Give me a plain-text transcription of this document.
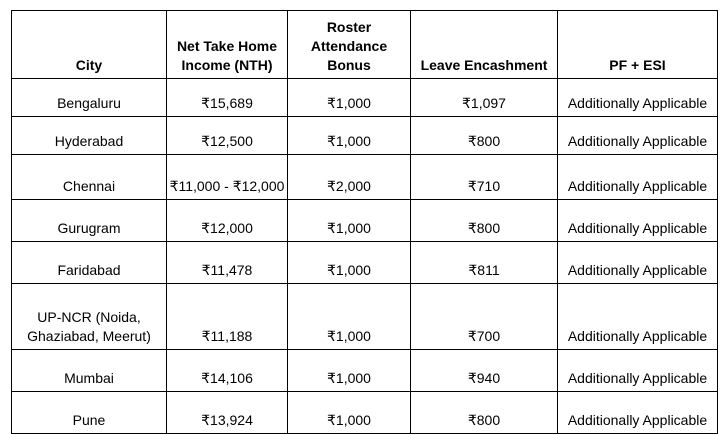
City	Net Take Home Income (NTH)	Roster Attendance Bonus	Leave Encashment	PF + ESI
Bengaluru	₹15,689	₹1,000	₹1,097	Additionally Applicable
Hyderabad	₹12,500	₹1,000	₹800	Additionally Applicable
Chennai	₹11,000 - ₹12,000	₹2,000	₹710	Additionally Applicable
Gurugram	₹12,000	₹1,000	₹800	Additionally Applicable
Faridabad	₹11,478	₹1,000	₹811	Additionally Applicable
UP-NCR (Noida, Ghaziabad, Meerut)	₹11,188	₹1,000	₹700	Additionally Applicable
Mumbai	₹14,106	₹1,000	₹940	Additionally Applicable
Pune	₹13,924	₹1,000	₹800	Additionally Applicable
